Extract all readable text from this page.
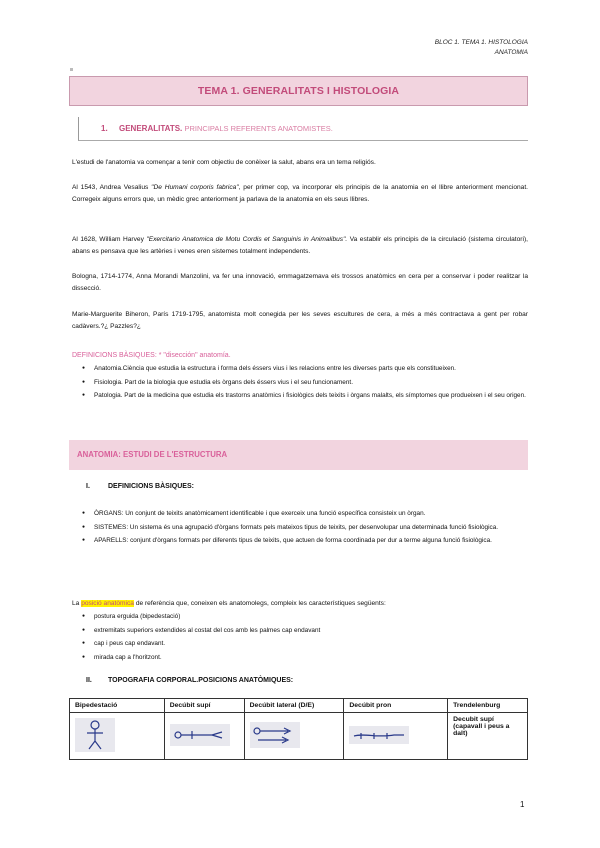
BLOC 1. TEMA 1. HISTOLOGIA
ANATOMIA
TEMA 1. GENERALITATS I HISTOLOGIA
1. GENERALITATS. PRINCIPALS REFERENTS ANATOMISTES.
L'estudi de l'anatomia va començar a tenir com objectiu de conèixer la salut, abans era un tema religiós.
Al 1543, Andrea Vesalius "De Humani corporis fabrica", per primer cop, va incorporar els principis de la anatomia en el llibre anteriorment mencionat. Corregeix alguns errors que, un mèdic grec anteriorment ja parlava de la anatomia en els seus llibres.
Al 1628, William Harvey "Exercitario Anatomica de Motu Cordis et Sanguinis in Animalibus". Va establir els principis de la circulació (sistema circulatori), abans es pensava que les artèries i venes eren sistemes totalment independents.
Bologna, 1714-1774, Anna Morandi Manzolini, va fer una innovació, emmagatzemava els trossos anatòmics en cera per a conservar i poder realitzar la dissecció.
Marie-Marguerite Biheron, París 1719-1795, anatomista molt conegida per les seves escultures de cera, a més a més contractava a gent per robar cadàvers.?¿ Pazzles?¿
DEFINICIONS BÀSIQUES: * "disección" anatomía.
● Anatomia.Ciència que estudia la estructura i forma dels éssers vius i les relacions entre les diverses parts que els constitueixen.
● Fisiologia. Part de la biologia que estudia els òrgans dels éssers vius i el seu funcionament.
● Patologia. Part de la medicina que estudia els trastorns anatòmics i fisiològics dels teixits i òrgans malalts, els símptomes que produeixen i el seu origen.
ANATOMIA: ESTUDI DE L'ESTRUCTURA
I.	DEFINICIONS BÀSIQUES:
● ÒRGANS: Un conjunt de teixits anatòmicament identificable i que exerceix una funció específica consisteix un òrgan.
● SISTEMES: Un sistema és una agrupació d'òrgans formats pels mateixos tipus de teixits, per desenvolupar una determinada funció fisiològica.
● APARELLS: conjunt d'òrgans formats per diferents tipus de teixits, que actuen de forma coordinada per dur a terme alguna funció fisiològica.
La posició anatòmica de referència que, coneixen els anatomolegs, compleix les característiques següents:
● postura erguida (bipedestació)
● extremitats superiors extendides al costat del cos amb les palmes cap endavant
● cap i peus cap endavant.
● mirada cap a l'horitzont.
II. TOPOGRAFIA CORPORAL.POSICIONS ANATÒMIQUES:
Bipedestació	Decúbit supí	Decúbit lateral (D/E)	Decúbit pron	Trendelenburg
				Decubit supí (capavall i peus a dalt)
1
